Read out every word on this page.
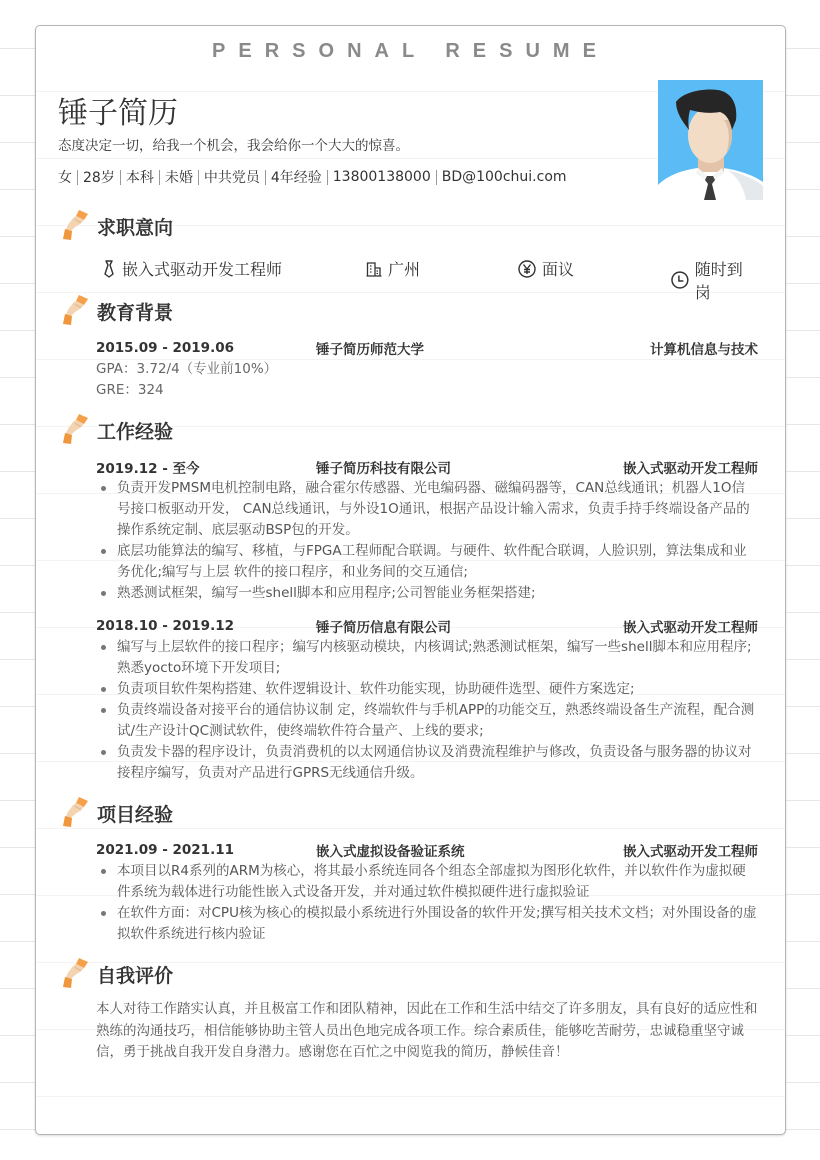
PERSONAL RESUME
锤子简历
态度决定一切，给我一个机会，我会给你一个大大的惊喜。
女 28岁 本科 未婚 中共党员 4年经验 13800138000 BD@100chui.com
求职意向
嵌入式驱动开发工程师	广州	面议	随时到岗
教育背景
2015.09 - 2019.06	锤子简历师范大学	计算机信息与技术
GPA：3.72/4（专业前10%）
GRE：324
工作经验
2019.12 - 至今	锤子简历科技有限公司	嵌入式驱动开发工程师
负责开发PMSM电机控制电路，融合霍尔传感器、光电编码器、磁编码器等，CAN总线通讯；机器人1O信号接口板驱动开发， CAN总线通讯，与外设1O通讯，根据产品设计输入需求，负责手持手终端设备产品的操作系统定制、底层驱动BSP包的开发。
底层功能算法的编写、移植，与FPGA工程师配合联调。与硬件、软件配合联调，人脸识别，算法集成和业务优化;编写与上层 软件的接口程序，和业务间的交互通信;
熟悉测试框架，编写一些shell脚本和应用程序;公司智能业务框架搭建;
2018.10 - 2019.12	锤子简历信息有限公司	嵌入式驱动开发工程师
编写与上层软件的接口程序；编写内核驱动模块，内核调试;熟悉测试框架，编写一些shell脚本和应用程序;熟悉yocto环境下开发项目;
负责项目软件架构搭建、软件逻辑设计、软件功能实现，协助硬件选型、硬件方案选定;
负责终端设备对接平台的通信协议制 定，终端软件与手机APP的功能交互，熟悉终端设备生产流程，配合测试/生产设计QC测试软件，使终端软件符合量产、上线的要求;
负责发卡器的程序设计，负责消费机的以太网通信协议及消费流程维护与修改，负责设备与服务器的协议对接程序编写，负责对产品进行GPRS无线通信升级。
项目经验
2021.09 - 2021.11	嵌入式虚拟设备验证系统	嵌入式驱动开发工程师
本项目以R4系列的ARM为核心，将其最小系统连同各个组态全部虚拟为图形化软件，并以软件作为虚拟硬件系统为载体进行功能性嵌入式设备开发，并对通过软件模拟硬件进行虚拟验证
在软件方面：对CPU核为核心的模拟最小系统进行外围设备的软件开发;撰写相关技术文档；对外围设备的虚拟软件系统进行核内验证
自我评价
本人对待工作踏实认真，并且极富工作和团队精神，因此在工作和生活中结交了许多朋友，具有良好的适应性和熟练的沟通技巧，相信能够协助主管人员出色地完成各项工作。综合素质佳，能够吃苦耐劳，忠诚稳重坚守诚信，勇于挑战自我开发自身潜力。感谢您在百忙之中阅览我的简历，静候佳音！
